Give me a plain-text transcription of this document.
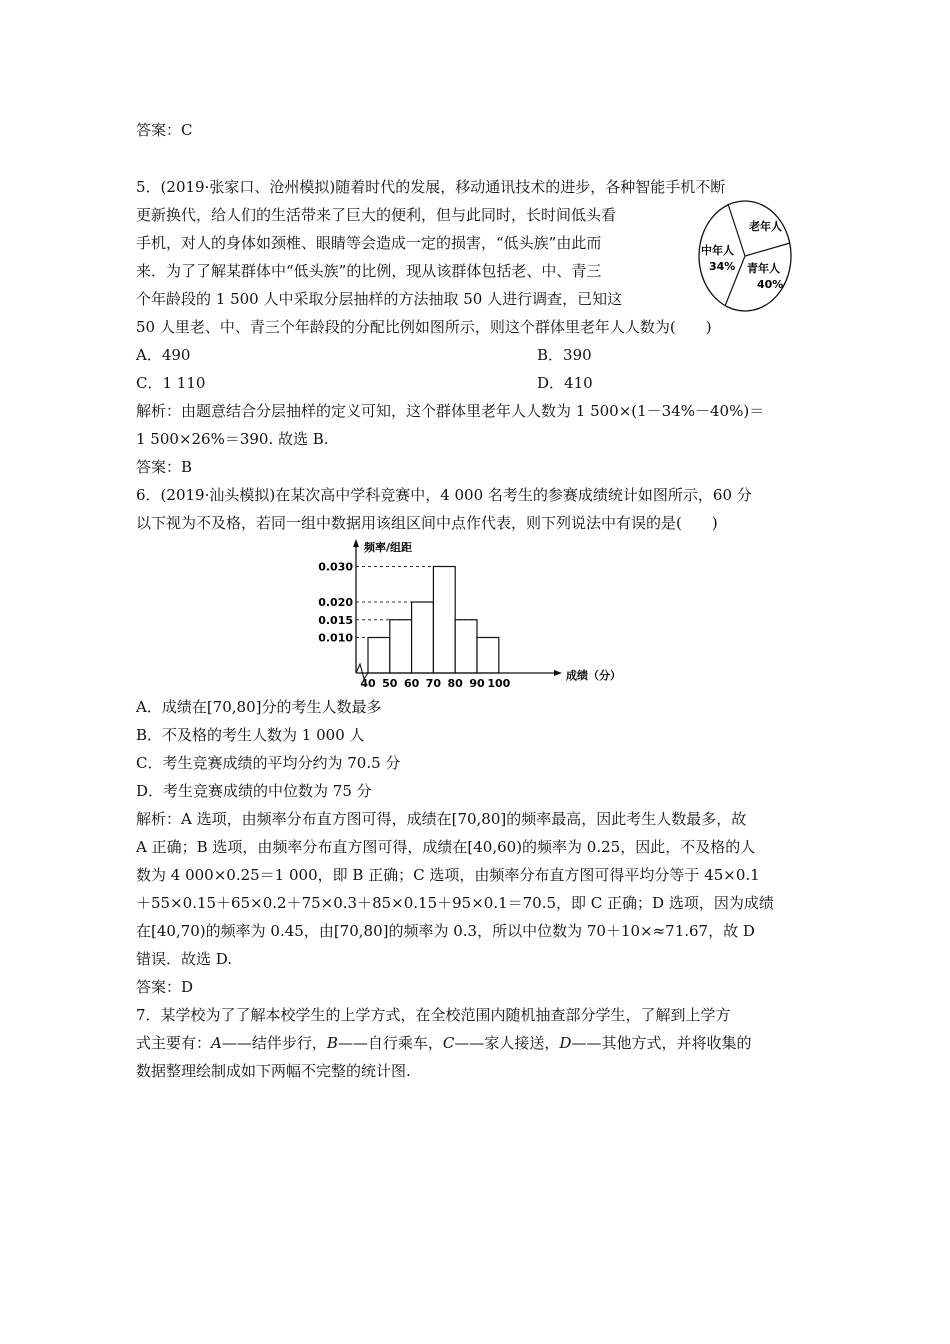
答案：C

5．(2019·张家口、沧州模拟)随着时代的发展，移动通讯技术的进步，各种智能手机不断

更新换代，给人们的生活带来了巨大的便利，但与此同时，长时间低头看

手机，对人的身体如颈椎、眼睛等会造成一定的损害，“低头族”由此而

来．为了了解某群体中“低头族”的比例，现从该群体包括老、中、青三

个年龄段的 1 500 人中采取分层抽样的方法抽取 50 人进行调查，已知这

50 人里老、中、青三个年龄段的分配比例如图所示，则这个群体里老年人人数为(　　)

A．490	B．390
C．1 110	D．410

解析：由题意结合分层抽样的定义可知，这个群体里老年人人数为 1 500×(1－34%－40%)＝

1 500×26%＝390. 故选 B.

答案：B

老年人
中年人
34% 青年人
40%

6．(2019·汕头模拟)在某次高中学科竞赛中，4 000 名考生的参赛成绩统计如图所示，60 分

以下视为不及格，若同一组中数据用该组区间中点作代表，则下列说法中有误的是(　　)

频率/组距
成绩（分）
0.010
0.015
0.020
0.030
40 50 60 70 80 90 100
A．成绩在[70,80]分的考生人数最多
B．不及格的考生人数为 1 000 人
C．考生竞赛成绩的平均分约为 70.5 分
D．考生竞赛成绩的中位数为 75 分

解析：A 选项，由频率分布直方图可得，成绩在[70,80]的频率最高，因此考生人数最多，故

A 正确；B 选项，由频率分布直方图可得，成绩在[40,60)的频率为 0.25，因此，不及格的人

数为 4 000×0.25＝1 000，即 B 正确；C 选项，由频率分布直方图可得平均分等于 45×0.1

＋55×0.15＋65×0.2＋75×0.3＋85×0.15＋95×0.1＝70.5，即 C 正确；D 选项，因为成绩

在[40,70)的频率为 0.45，由[70,80]的频率为 0.3，所以中位数为 70＋10×≈71.67，故 D

错误．故选 D.

答案：D

7．某学校为了了解本校学生的上学方式，在全校范围内随机抽查部分学生，了解到上学方

式主要有：A——结伴步行，B——自行乘车，C——家人接送，D——其他方式，并将收集的

数据整理绘制成如下两幅不完整的统计图.
